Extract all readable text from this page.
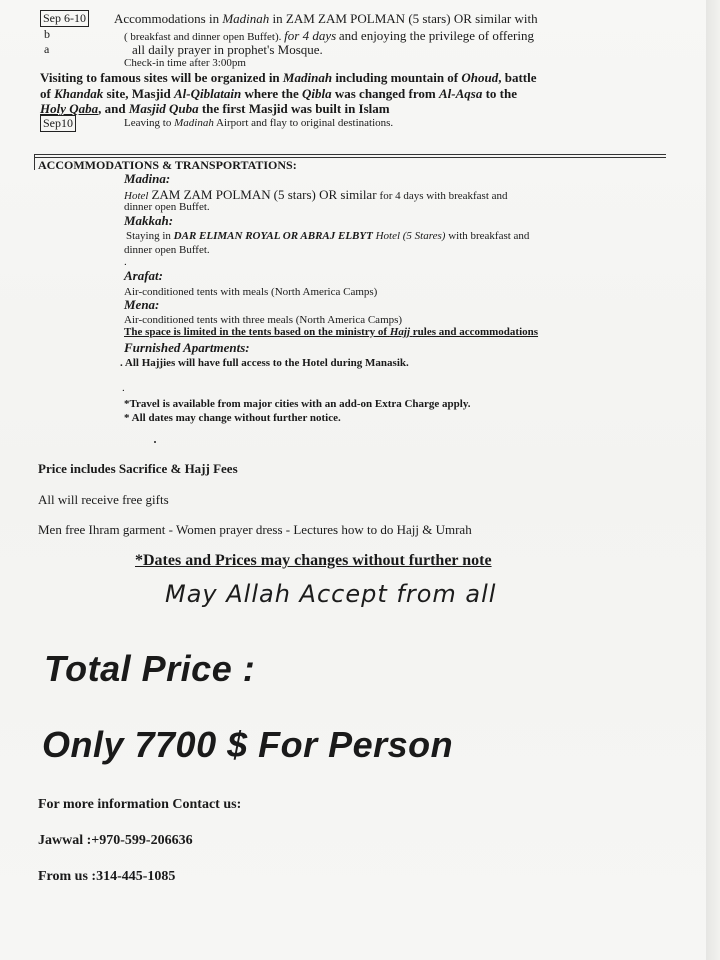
Sep 6-10
b
a
Accommodations in Madinah in ZAM ZAM POLMAN (5 stars) OR similar with
( breakfast and dinner open Buffet). for 4 days and enjoying the privilege of offering
all daily prayer in prophet's Mosque.
Check-in time after 3:00pm
Visiting to famous sites will be organized in Madinah including mountain of Ohoud, battle
of Khandak site, Masjid Al-Qiblatain where the Qibla was changed from Al-Aqsa to the
Holy Qaba, and Masjid Quba the first Masjid was built in Islam
Sep10	Leaving to Madinah Airport and flay to original destinations.
ACCOMMODATIONS & TRANSPORTATIONS:
Madina:
Hotel ZAM ZAM POLMAN (5 stars) OR similar for 4 days with breakfast and
dinner open Buffet.
Makkah:
Staying in DAR ELIMAN ROYAL OR ABRAJ ELBYT Hotel (5 Stares) with breakfast and
dinner open Buffet.
.
Arafat:
Air-conditioned tents with meals (North America Camps)
Mena:
Air-conditioned tents with three meals (North America Camps)
The space is limited in the tents based on the ministry of Hajj rules and accommodations
Furnished Apartments:
. All Hajjies will have full access to the Hotel during Manasik.
.
*Travel is available from major cities with an add-on Extra Charge apply.
* All dates may change without further notice.
Price includes Sacrifice & Hajj Fees
All will receive free gifts
Men free Ihram garment - Women prayer dress - Lectures how to do Hajj & Umrah
*Dates and Prices may changes without further note
May Allah Accept from all
Total Price :
Only 7700 $ For Person
For more information Contact us:
Jawwal :+970-599-206636
From us :314-445-1085
